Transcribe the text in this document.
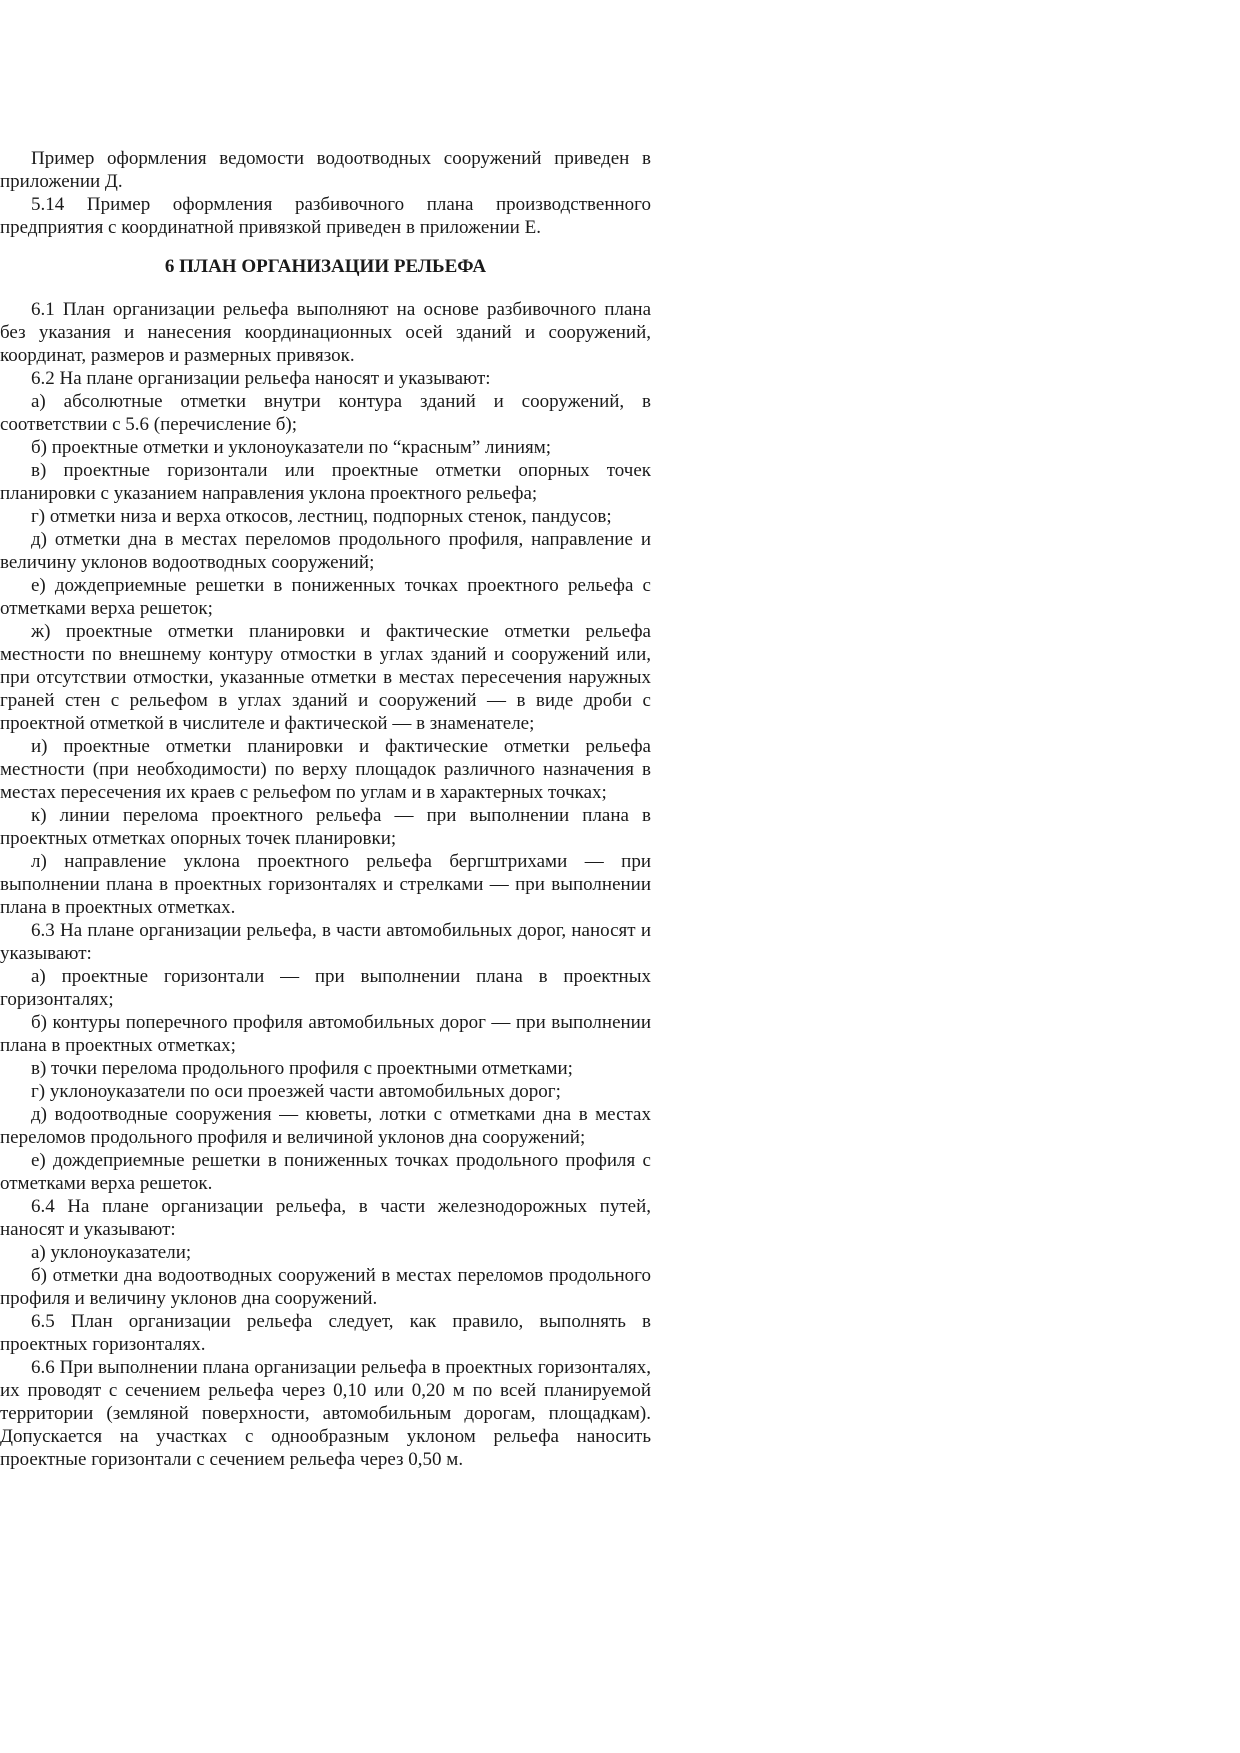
Пример оформления ведомости водоотводных сооружений приведен в приложении Д.

5.14 Пример оформления разбивочного плана производственного предприятия с координатной привязкой приведен в приложении Е.

6 ПЛАН ОРГАНИЗАЦИИ РЕЛЬЕФА

6.1 План организации рельефа выполняют на основе разбивочного плана без указания и нанесения координационных осей зданий и сооружений, координат, размеров и размерных привязок.

6.2 На плане организации рельефа наносят и указывают:

а) абсолютные отметки внутри контура зданий и сооружений, в соответствии с 5.6 (перечисление б);

б) проектные отметки и уклоноуказатели по “красным” линиям;

в) проектные горизонтали или проектные отметки опорных точек планировки с указанием направления уклона проектного рельефа;

г) отметки низа и верха откосов, лестниц, подпорных стенок, пандусов;

д) отметки дна в местах переломов продольного профиля, направление и величину уклонов водоотводных сооружений;

е) дождеприемные решетки в пониженных точках проектного рельефа с отметками верха решеток;

ж) проектные отметки планировки и фактические отметки рельефа местности по внешнему контуру отмостки в углах зданий и сооружений или, при отсутствии отмостки, указанные отметки в местах пересечения наружных граней стен с рельефом в углах зданий и сооружений — в виде дроби с проектной отметкой в числителе и фактической — в знаменателе;

и) проектные отметки планировки и фактические отметки рельефа местности (при необходимости) по верху площадок различного назначения в местах пересечения их краев с рельефом по углам и в характерных точках;

к) линии перелома проектного рельефа — при выполнении плана в проектных отметках опорных точек планировки;

л) направление уклона проектного рельефа бергштрихами — при выполнении плана в проектных горизонталях и стрелками — при выполнении плана в проектных отметках.

6.3 На плане организации рельефа, в части автомобильных дорог, наносят и указывают:

а) проектные горизонтали — при выполнении плана в проектных горизонталях;

б) контуры поперечного профиля автомобильных дорог — при выполнении плана в проектных отметках;

в) точки перелома продольного профиля с проектными отметками;

г) уклоноуказатели по оси проезжей части автомобильных дорог;

д) водоотводные сооружения — кюветы, лотки с отметками дна в местах переломов продольного профиля и величиной уклонов дна сооружений;

е) дождеприемные решетки в пониженных точках продольного профиля с отметками верха решеток.

6.4 На плане организации рельефа, в части железнодорожных путей, наносят и указывают:

а) уклоноуказатели;

б) отметки дна водоотводных сооружений в местах переломов продольного профиля и величину уклонов дна сооружений.

6.5 План организации рельефа следует, как правило, выполнять в проектных горизонталях.

6.6 При выполнении плана организации рельефа в проектных горизонталях, их проводят с сечением рельефа через 0,10 или 0,20 м по всей планируемой территории (земляной поверхности, автомобильным дорогам, площадкам). Допускается на участках с однообразным уклоном рельефа наносить проектные горизонтали с сечением рельефа через 0,50 м.
